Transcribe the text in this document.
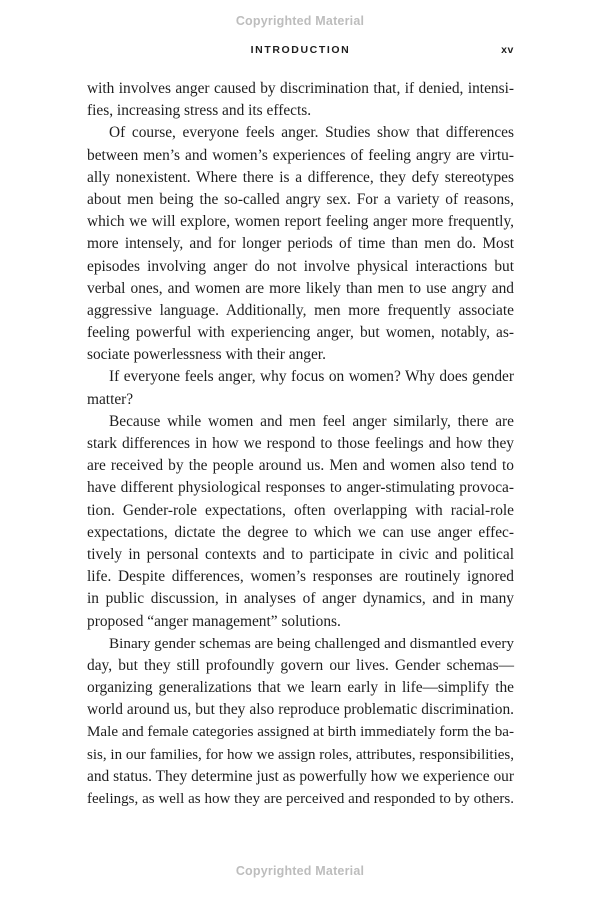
Copyrighted Material
INTRODUCTION	xv
with involves anger caused by discrimination that, if denied, intensi-
fies, increasing stress and its effects.
Of course, everyone feels anger. Studies show that differences
between men’s and women’s experiences of feeling angry are virtu-
ally nonexistent. Where there is a difference, they defy stereotypes
about men being the so-called angry sex. For a variety of reasons,
which we will explore, women report feeling anger more frequently,
more intensely, and for longer periods of time than men do. Most
episodes involving anger do not involve physical interactions but
verbal ones, and women are more likely than men to use angry and
aggressive language. Additionally, men more frequently associate
feeling powerful with experiencing anger, but women, notably, as-
sociate powerlessness with their anger.
If everyone feels anger, why focus on women? Why does gender
matter?
Because while women and men feel anger similarly, there are
stark differences in how we respond to those feelings and how they
are received by the people around us. Men and women also tend to
have different physiological responses to anger-stimulating provoca-
tion. Gender-role expectations, often overlapping with racial-role
expectations, dictate the degree to which we can use anger effec-
tively in personal contexts and to participate in civic and political
life. Despite differences, women’s responses are routinely ignored
in public discussion, in analyses of anger dynamics, and in many
proposed “anger management” solutions.
Binary gender schemas are being challenged and dismantled every
day, but they still profoundly govern our lives. Gender schemas—
organizing generalizations that we learn early in life—simplify the
world around us, but they also reproduce problematic discrimination.
Male and female categories assigned at birth immediately form the ba-
sis, in our families, for how we assign roles, attributes, responsibilities,
and status. They determine just as powerfully how we experience our
feelings, as well as how they are perceived and responded to by others.
Copyrighted Material
